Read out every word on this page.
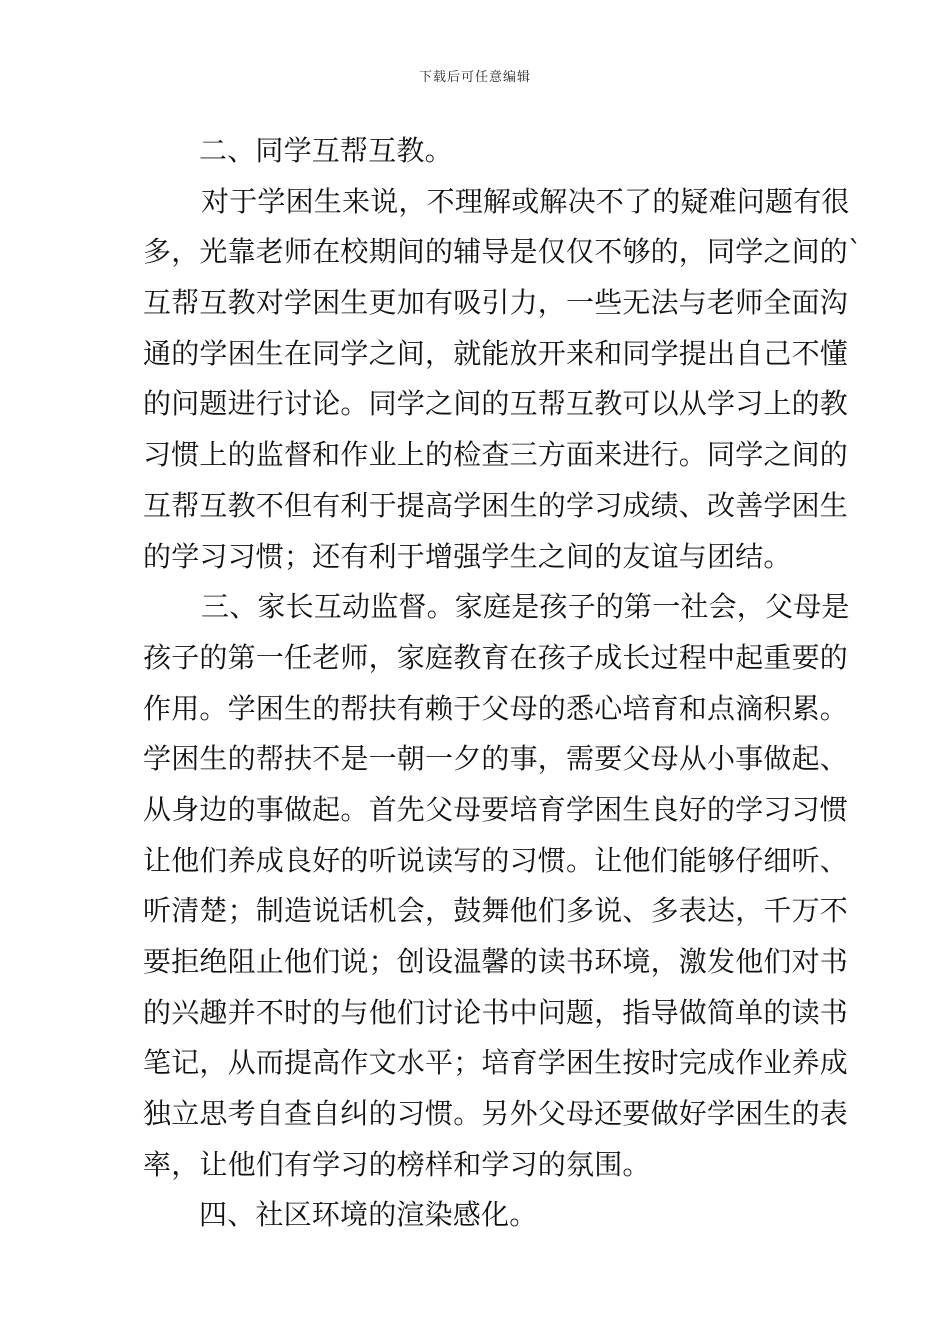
下载后可任意编辑
二、同学互帮互教。
对于学困生来说，不理解或解决不了的疑难问题有很
多，光靠老师在校期间的辅导是仅仅不够的，同学之间的`
互帮互教对学困生更加有吸引力，一些无法与老师全面沟
通的学困生在同学之间，就能放开来和同学提出自己不懂
的问题进行讨论。同学之间的互帮互教可以从学习上的教
习惯上的监督和作业上的检查三方面来进行。同学之间的
互帮互教不但有利于提高学困生的学习成绩、改善学困生
的学习习惯；还有利于增强学生之间的友谊与团结。
三、家长互动监督。家庭是孩子的第一社会，父母是
孩子的第一任老师，家庭教育在孩子成长过程中起重要的
作用。学困生的帮扶有赖于父母的悉心培育和点滴积累。
学困生的帮扶不是一朝一夕的事，需要父母从小事做起、
从身边的事做起。首先父母要培育学困生良好的学习习惯
让他们养成良好的听说读写的习惯。让他们能够仔细听、
听清楚；制造说话机会，鼓舞他们多说、多表达，千万不
要拒绝阻止他们说；创设温馨的读书环境，激发他们对书
的兴趣并不时的与他们讨论书中问题，指导做简单的读书
笔记，从而提高作文水平；培育学困生按时完成作业养成
独立思考自查自纠的习惯。另外父母还要做好学困生的表
率，让他们有学习的榜样和学习的氛围。
四、社区环境的渲染感化。
